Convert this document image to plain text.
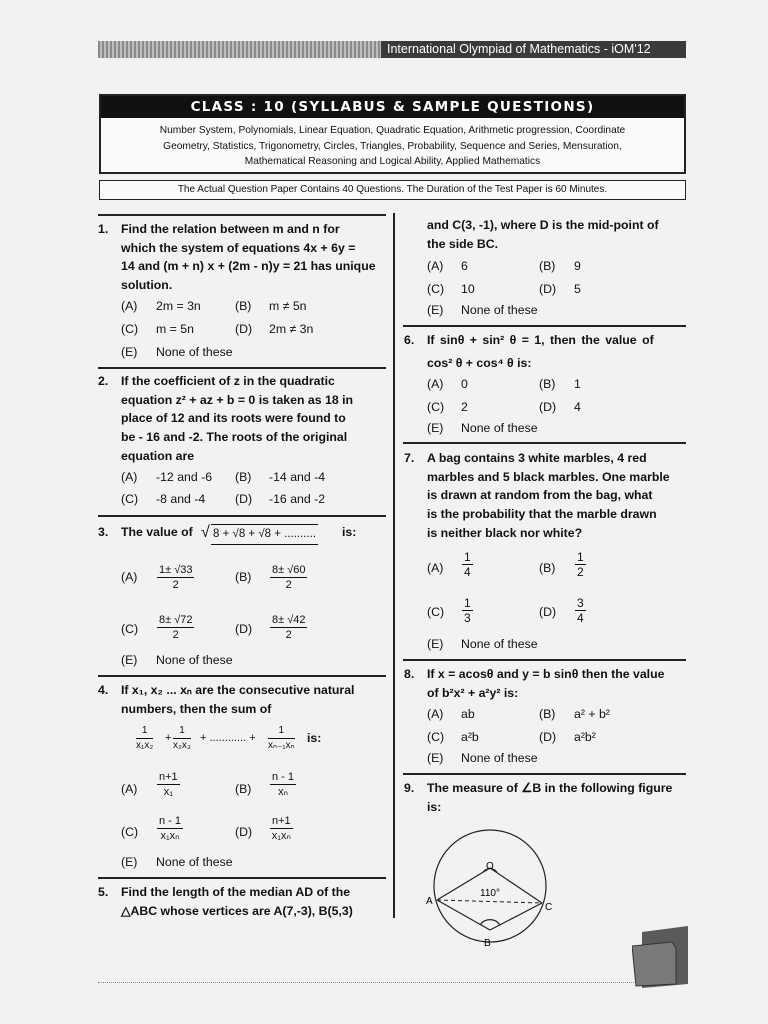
International Olympiad of Mathematics - iOM'12
CLASS : 10 (SYLLABUS & SAMPLE QUESTIONS)
Number System, Polynomials, Linear Equation, Quadratic Equation, Arithmetic progression, Coordinate
Geometry, Statistics, Trigonometry, Circles, Triangles, Probability, Sequence and Series, Mensuration,
Mathematical Reasoning and Logical Ability, Applied Mathematics
The Actual Question Paper Contains 40 Questions. The Duration of the Test Paper is 60 Minutes.
1. Find the relation between m and n for
which the system of equations 4x + 6y =
14 and (m + n) x + (2m - n)y = 21 has unique
solution.
(A) 2m = 3n	(B) m ≠ 5n
(C) m = 5n	(D) 2m ≠ 3n
(E) None of these
2. If the coefficient of z in the quadratic
equation z² + az + b = 0 is taken as 18 in
place of 12 and its roots were found to
be - 16 and -2. The roots of the original
equation are
(A) -12 and -6 (B) -14 and -4
(C) -8 and -4 (D) -16 and -2
3. The value of √ 8 + √8 + √8 + .......... is:
$(A) \frac{1\pm √33}{2}$	$(B) \frac{8\pm √60}{2}$
$(C) \frac{8\pm √72}{2}$	$(D) \frac{8\pm √42}{2}$
(E) None of these
4. If x₁, x₂ ... xₙ are the consecutive natural
numbers, then the sum of
$\frac{1}{\text{x₁x₂}} + \frac{1}{\text{x₂x₃}}$ + ............ + $\frac{1}{\text{xₙ₋₁xₙ}}$ is:
$(A) \frac{n+1}{\text{x₁}}$	$(B) \frac{n - 1}{\text{xₙ}}$
$(C) \frac{n - 1}{\text{x₁xₙ}}$	$(D) \frac{n+1}{\text{x₁xₙ}}$
(E) None of these
5. Find the length of the median AD of the
△ABC whose vertices are A(7,-3), B(5,3)
and C(3, -1), where D is the mid-point of
the side BC.
(A) 6	(B) 9
(C) 10	(D) 5
(E) None of these
6. If sinθ + sin² θ = 1, then the value of
cos² θ + cos⁴ θ is:
(A) 0	(B) 1
(C) 2	(D) 4
(E) None of these
7. A bag contains 3 white marbles, 4 red
marbles and 5 black marbles. One marble
is drawn at random from the bag, what
is the probability that the marble drawn
is neither black nor white?
$(A) \frac{1}{4}$	$(B) \frac{1}{2}$
$(C) \frac{1}{3}$	$(D) \frac{3}{4}$
(E) None of these
8. If x = acosθ and y = b sinθ then the value
of b²x² + a²y² is:
(A) ab	(B) a² + b²
(C) a²b	(D) a²b²
(E) None of these
9. The measure of ∠B in the following figure
is:
O
110°
A
C
B
